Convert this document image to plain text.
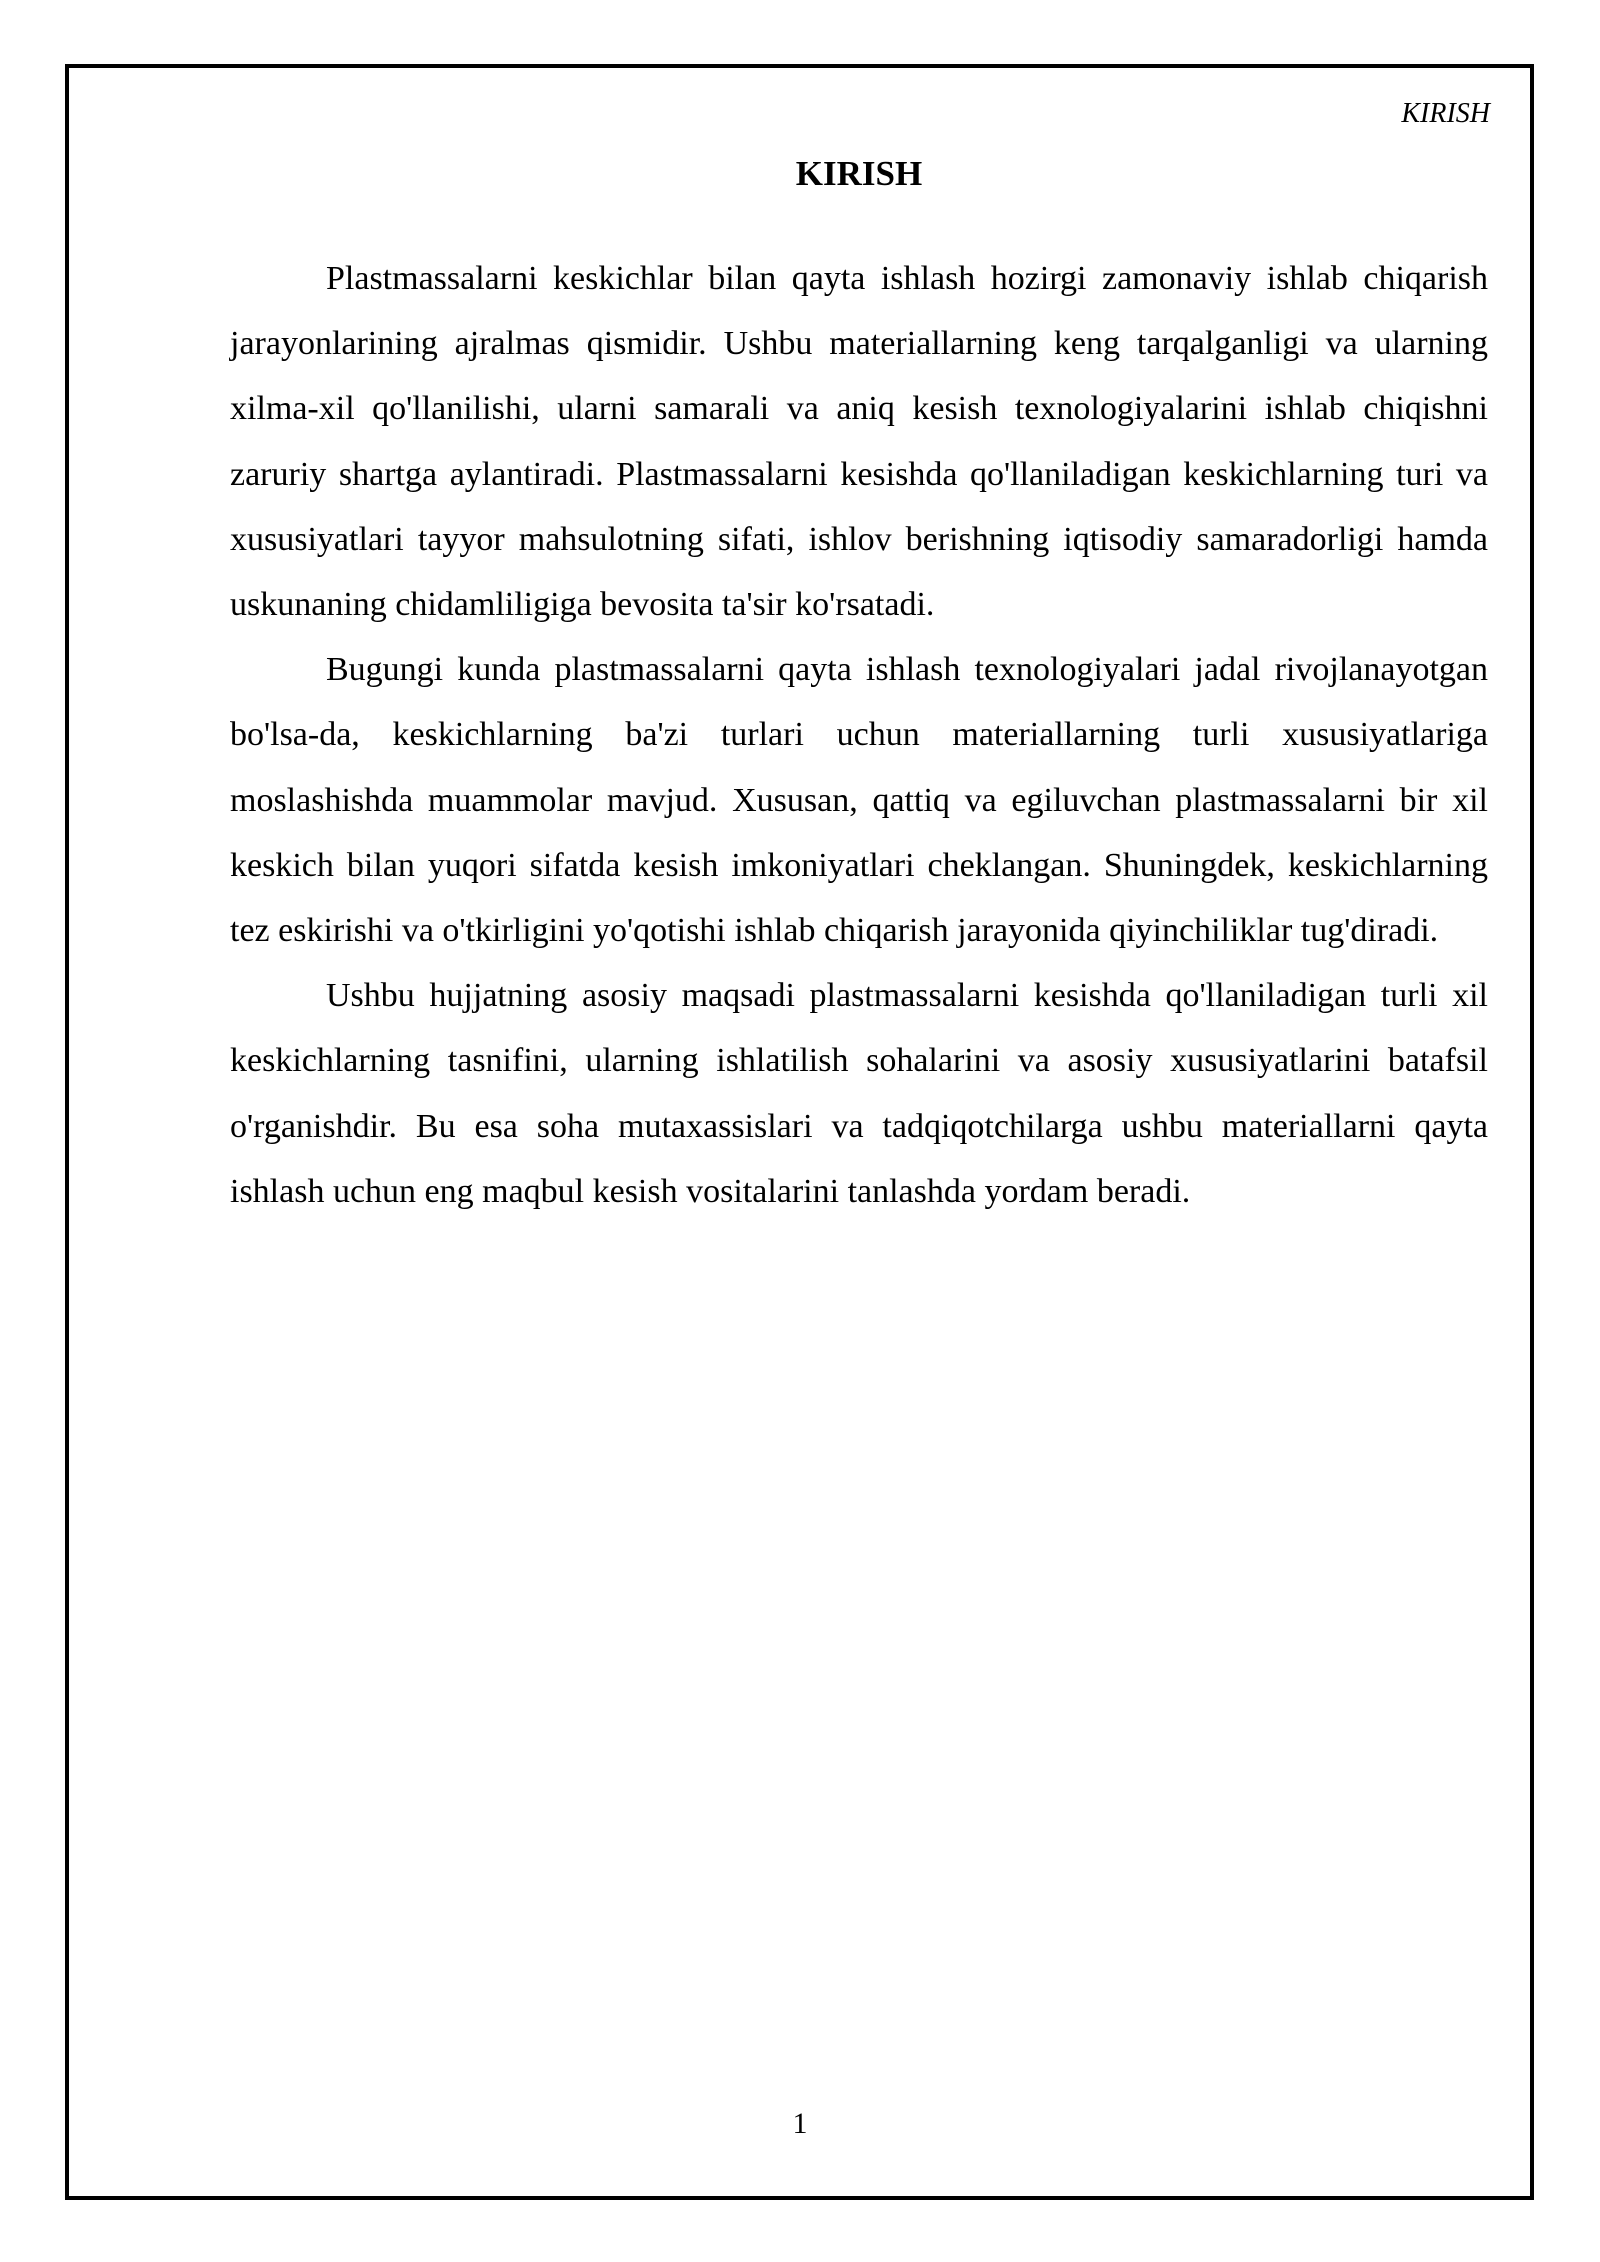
KIRISH
KIRISH

Plastmassalarni keskichlar bilan qayta ishlash hozirgi zamonaviy ishlab chiqarish jarayonlarining ajralmas qismidir. Ushbu materiallarning keng tarqalganligi va ularning xilma-xil qo'llanilishi, ularni samarali va aniq kesish texnologiyalarini ishlab chiqishni zaruriy shartga aylantiradi. Plastmassalarni kesishda qo'llaniladigan keskichlarning turi va xususiyatlari tayyor mahsulotning sifati, ishlov berishning iqtisodiy samaradorligi hamda uskunaning chidamliligiga bevosita ta'sir ko'rsatadi.

Bugungi kunda plastmassalarni qayta ishlash texnologiyalari jadal rivojlanayotgan bo'lsa-da, keskichlarning ba'zi turlari uchun materiallarning turli xususiyatlariga moslashishda muammolar mavjud. Xususan, qattiq va egiluvchan plastmassalarni bir xil keskich bilan yuqori sifatda kesish imkoniyatlari cheklangan. Shuningdek, keskichlarning tez eskirishi va o'tkirligini yo'qotishi ishlab chiqarish jarayonida qiyinchiliklar tug'diradi.

Ushbu hujjatning asosiy maqsadi plastmassalarni kesishda qo'llaniladigan turli xil keskichlarning tasnifini, ularning ishlatilish sohalarini va asosiy xususiyatlarini batafsil o'rganishdir. Bu esa soha mutaxassislari va tadqiqotchilarga ushbu materiallarni qayta ishlash uchun eng maqbul kesish vositalarini tanlashda yordam beradi.

1
